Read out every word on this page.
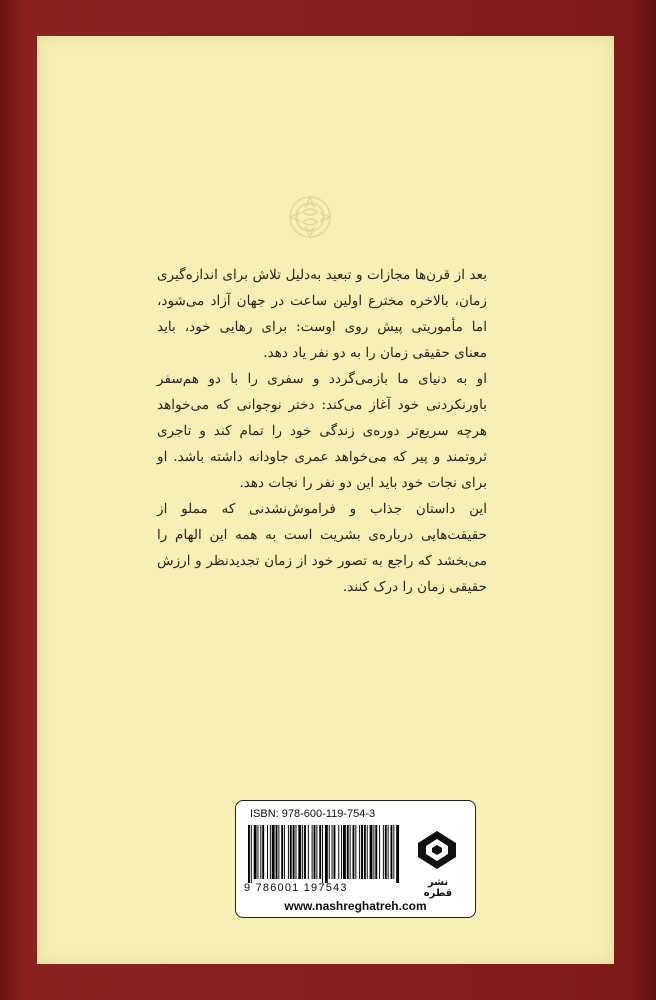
بعد از قرن‌ها مجازات و تبعید به‌دلیل تلاش برای اندازه‌گیری زمان، بالاخره مخترع اولین ساعت در جهان آزاد می‌شود، اما مأموریتی پیش روی اوست: برای رهایی خود، باید معنای حقیقی زمان را به دو نفر یاد دهد.

او به دنیای ما بازمی‌گردد و سفری را با دو هم‌سفر باورنکردنی خود آغاز می‌کند: دختر نوجوانی که می‌خواهد هرچه سریع‌تر دوره‌ی زندگی خود را تمام کند و تاجری ثروتمند و پیر که می‌خواهد عمری جاودانه داشته باشد. او برای نجات خود باید این دو نفر را نجات دهد.

این داستان جذاب و فراموش‌نشدنی که مملو از حقیقت‌هایی درباره‌ی بشریت است به همه این الهام را می‌بخشد که راجع به تصور خود از زمان تجدیدنظر و ارزش حقیقی زمان را درک کنند.

ISBN: 978-600-119-754-3
9 786001 197543	نشر قطره
www.nashreghatreh.com
